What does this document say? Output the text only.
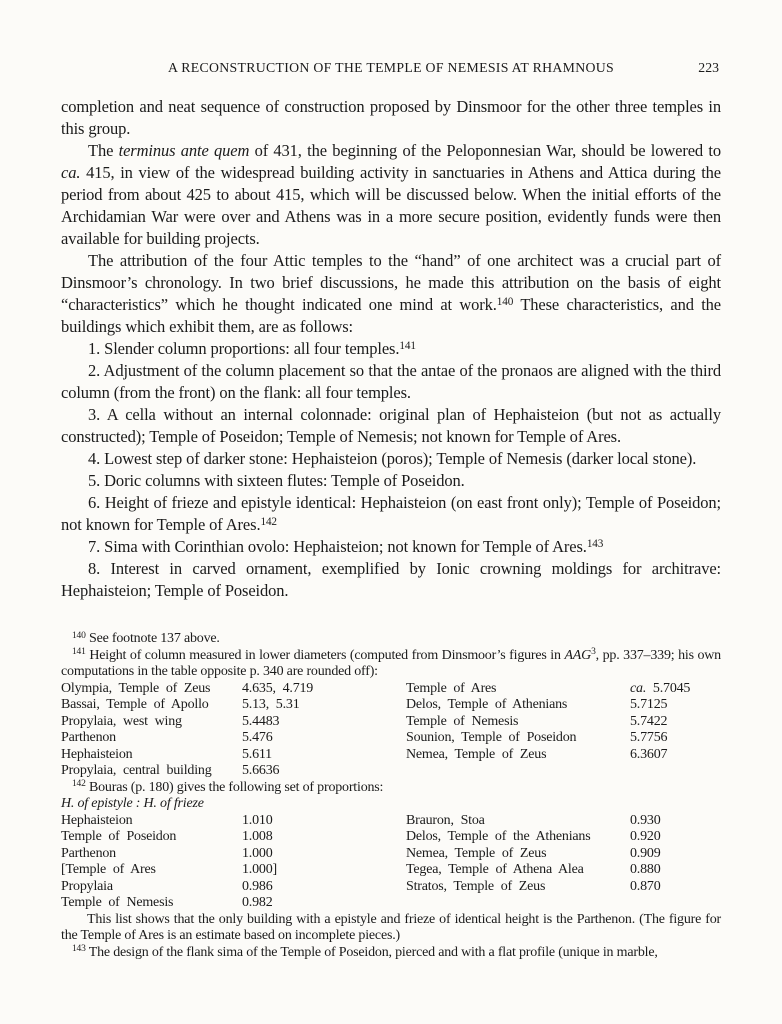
A RECONSTRUCTION OF THE TEMPLE OF NEMESIS AT RHAMNOUS	223

completion and neat sequence of construction proposed by Dinsmoor for the other three temples in this group.

The terminus ante quem of 431, the beginning of the Peloponnesian War, should be lowered to ca. 415, in view of the widespread building activity in sanctuaries in Athens and Attica during the period from about 425 to about 415, which will be discussed below. When the initial efforts of the Archidamian War were over and Athens was in a more secure position, evidently funds were then available for building projects.

The attribution of the four Attic temples to the “hand” of one architect was a crucial part of Dinsmoor’s chronology. In two brief discussions, he made this attribution on the basis of eight “characteristics” which he thought indicated one mind at work.$^{140}$ These characteristics, and the buildings which exhibit them, are as follows:

1. Slender column proportions: all four temples.$^{141}$

2. Adjustment of the column placement so that the antae of the pronaos are aligned with the third column (from the front) on the flank: all four temples.

3. A cella without an internal colonnade: original plan of Hephaisteion (but not as actually constructed); Temple of Poseidon; Temple of Nemesis; not known for Temple of Ares.

4. Lowest step of darker stone: Hephaisteion (poros); Temple of Nemesis (darker local stone).

5. Doric columns with sixteen flutes: Temple of Poseidon.

6. Height of frieze and epistyle identical: Hephaisteion (on east front only); Temple of Poseidon; not known for Temple of Ares.$^{142}$

7. Sima with Corinthian ovolo: Hephaisteion; not known for Temple of Ares.$^{143}$

8. Interest in carved ornament, exemplified by Ionic crowning moldings for architrave: Hephaisteion; Temple of Poseidon.

$^{140}$ See footnote 137 above.

$^{141}$ Height of column measured in lower diameters (computed from Dinsmoor’s figures in AAG$^3$, pp. 337–339; his own computations in the table opposite p. 340 are rounded off):

Olympia, Temple of Zeus	4.635, 4.719	Temple of Ares	ca. 5.7045
Bassai, Temple of Apollo	5.13, 5.31	Delos, Temple of Athenians	5.7125
Propylaia, west wing	5.4483	Temple of Nemesis	5.7422
Parthenon	5.476	Sounion, Temple of Poseidon	5.7756
Hephaisteion	5.611	Nemea, Temple of Zeus	6.3607
Propylaia, central building	5.6636

$^{142}$ Bouras (p. 180) gives the following set of proportions:

H. of epistyle : H. of frieze

Hephaisteion	1.010	Brauron, Stoa	0.930
Temple of Poseidon	1.008	Delos, Temple of the Athenians	0.920
Parthenon	1.000	Nemea, Temple of Zeus	0.909
[Temple of Ares	1.000]	Tegea, Temple of Athena Alea	0.880
Propylaia	0.986	Stratos, Temple of Zeus	0.870
Temple of Nemesis	0.982

This list shows that the only building with a epistyle and frieze of identical height is the Parthenon. (The figure for the Temple of Ares is an estimate based on incomplete pieces.)

$^{143}$ The design of the flank sima of the Temple of Poseidon, pierced and with a flat profile (unique in marble,
